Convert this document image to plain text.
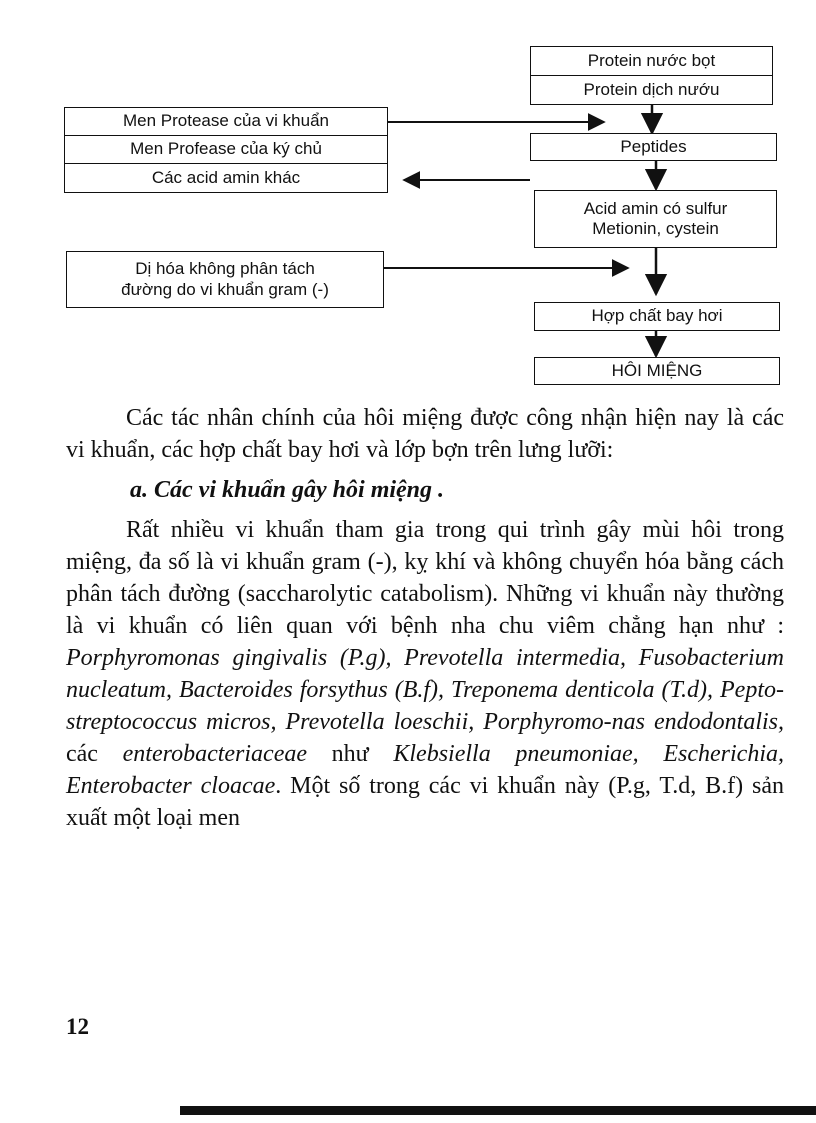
Protein nước bọt
Protein dịch nướu
Peptides
Acid amin có sulfur
Metionin, cystein
Hợp chất bay hơi
HÔI MIỆNG
Men Protease của vi khuẩn
Men Profease của ký chủ
Các acid amin khác
Dị hóa không phân tách
đường do vi khuẩn gram (-)

Các tác nhân chính của hôi miệng được công nhận hiện nay là các vi khuẩn, các hợp chất bay hơi và lớp bợn trên lưng lưỡi:

a. Các vi khuẩn gây hôi miệng .

Rất nhiều vi khuẩn tham gia trong qui trình gây mùi hôi trong miệng, đa số là vi khuẩn gram (-), kỵ khí và không chuyển hóa bằng cách phân tách đường (saccharolytic catabolism). Những vi khuẩn này thường là vi khuẩn có liên quan với bệnh nha chu viêm chẳng hạn như : Porphyromonas gingivalis (P.g), Prevotella intermedia, Fusobacterium nucleatum, Bacteroides forsythus (B.f), Treponema denticola (T.d), Pepto-streptococcus micros, Prevotella loeschii, Porphyromo-nas endodontalis, các enterobacteriaceae như Klebsiella pneumoniae, Escherichia, Enterobacter cloacae. Một số trong các vi khuẩn này (P.g, T.d, B.f) sản xuất một loại men

12
